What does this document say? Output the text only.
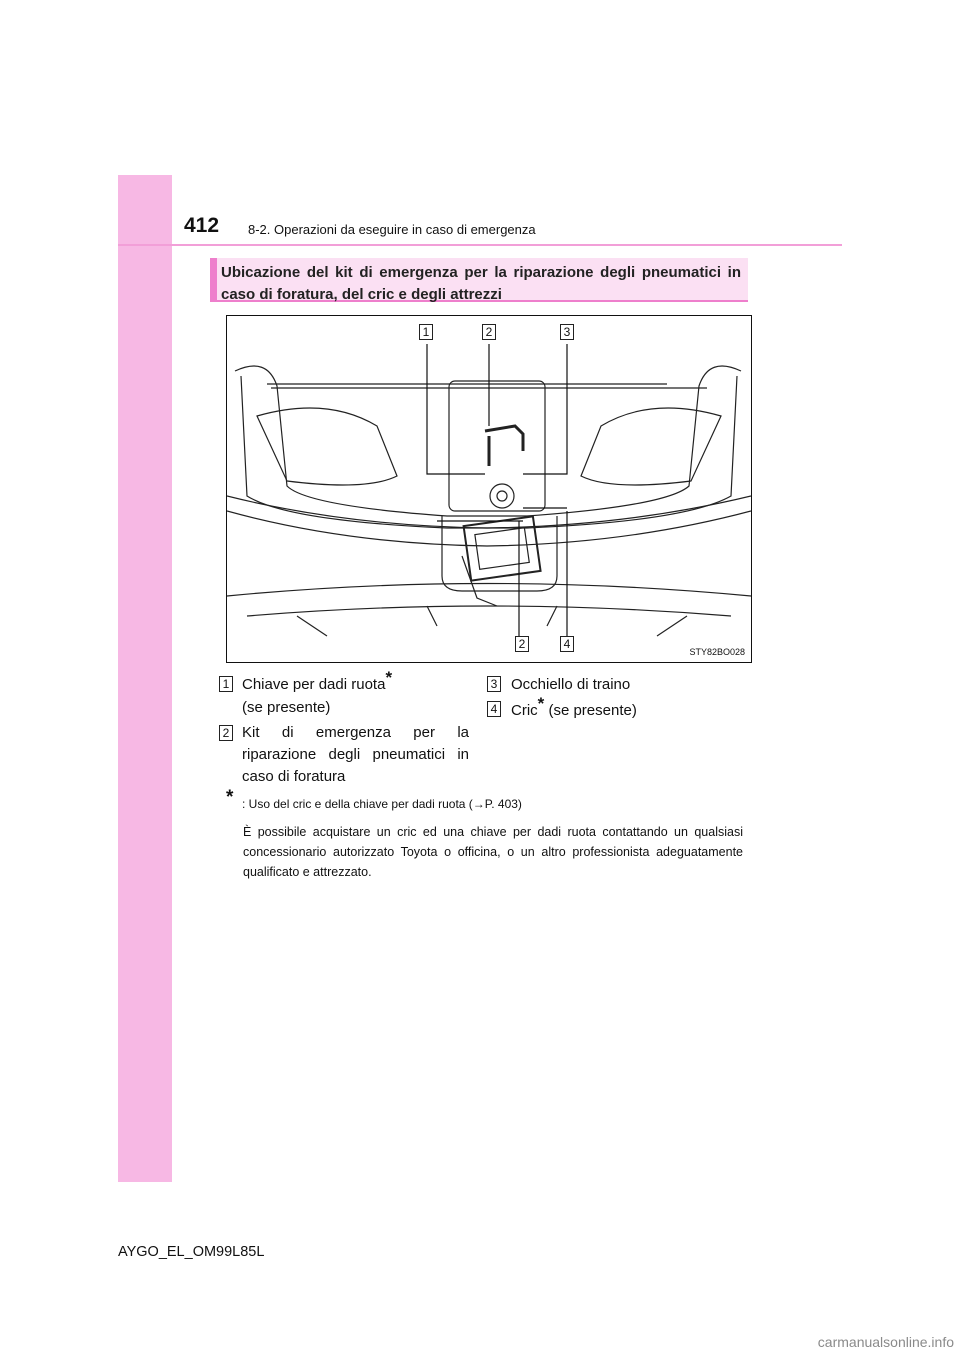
412 8-2. Operazioni da eseguire in caso di emergenza
Ubicazione del kit di emergenza per la riparazione degli pneumatici in caso di foratura, del cric e degli attrezzi
1	2	3
2	4
STY82BO028
1 Chiave per dadi ruota*
(se presente)
2 Kit di emergenza per la
riparazione degli pneumatici in
caso di foratura
3 Occhiello di traino
4 Cric* (se presente)
* : Uso del cric e della chiave per dadi ruota (→P. 403)
È possibile acquistare un cric ed una chiave per dadi ruota contattando un qualsiasi concessionario autorizzato Toyota o officina, o un altro professionista adeguatamente qualificato e attrezzato.
AYGO_EL_OM99L85L
carmanualsonline.info
